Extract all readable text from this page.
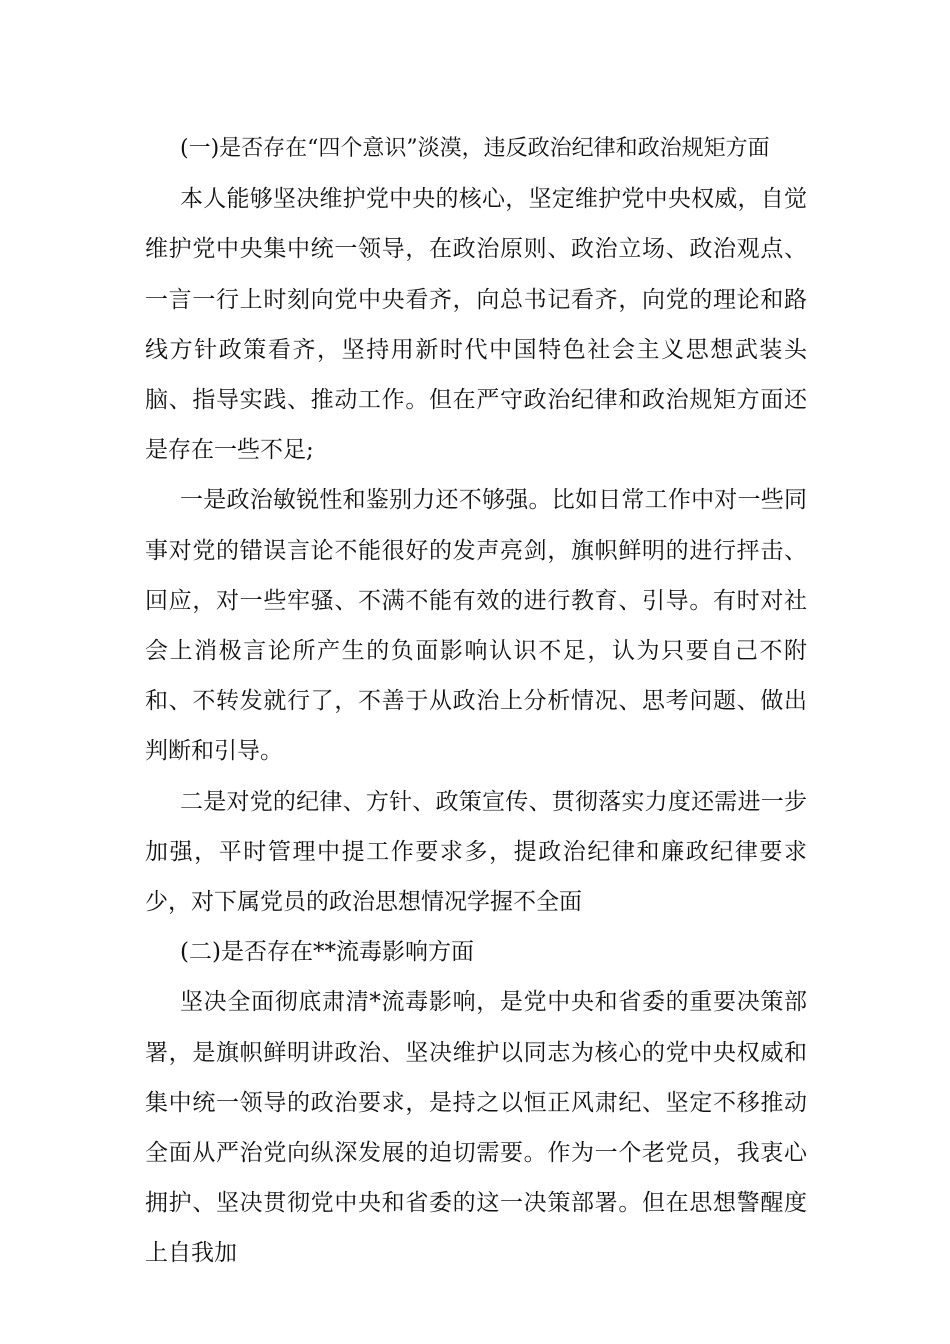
(一)是否存在“四个意识”淡漠，违反政治纪律和政治规矩方面

本人能够坚决维护党中央的核心，坚定维护党中央权威，自觉维护党中央集中统一领导，在政治原则、政治立场、政治观点、一言一行上时刻向党中央看齐，向总书记看齐，向党的理论和路线方针政策看齐，坚持用新时代中国特色社会主义思想武装头脑、指导实践、推动工作。但在严守政治纪律和政治规矩方面还是存在一些不足;

一是政治敏锐性和鉴别力还不够强。比如日常工作中对一些同事对党的错误言论不能很好的发声亮剑，旗帜鲜明的进行抨击、回应，对一些牢骚、不满不能有效的进行教育、引导。有时对社会上消极言论所产生的负面影响认识不足，认为只要自己不附和、不转发就行了，不善于从政治上分析情况、思考问题、做出判断和引导。

二是对党的纪律、方针、政策宣传、贯彻落实力度还需进一步加强，平时管理中提工作要求多，提政治纪律和廉政纪律要求少，对下属党员的政治思想情况学握不全面

(二)是否存在**流毒影响方面

坚决全面彻底肃清*流毒影响，是党中央和省委的重要决策部署，是旗帜鲜明讲政治、坚决维护以同志为核心的党中央权威和集中统一领导的政治要求，是持之以恒正风肃纪、坚定不移推动全面从严治党向纵深发展的迫切需要。作为一个老党员，我衷心拥护、坚决贯彻党中央和省委的这一决策部署。但在思想警醒度上自我加
